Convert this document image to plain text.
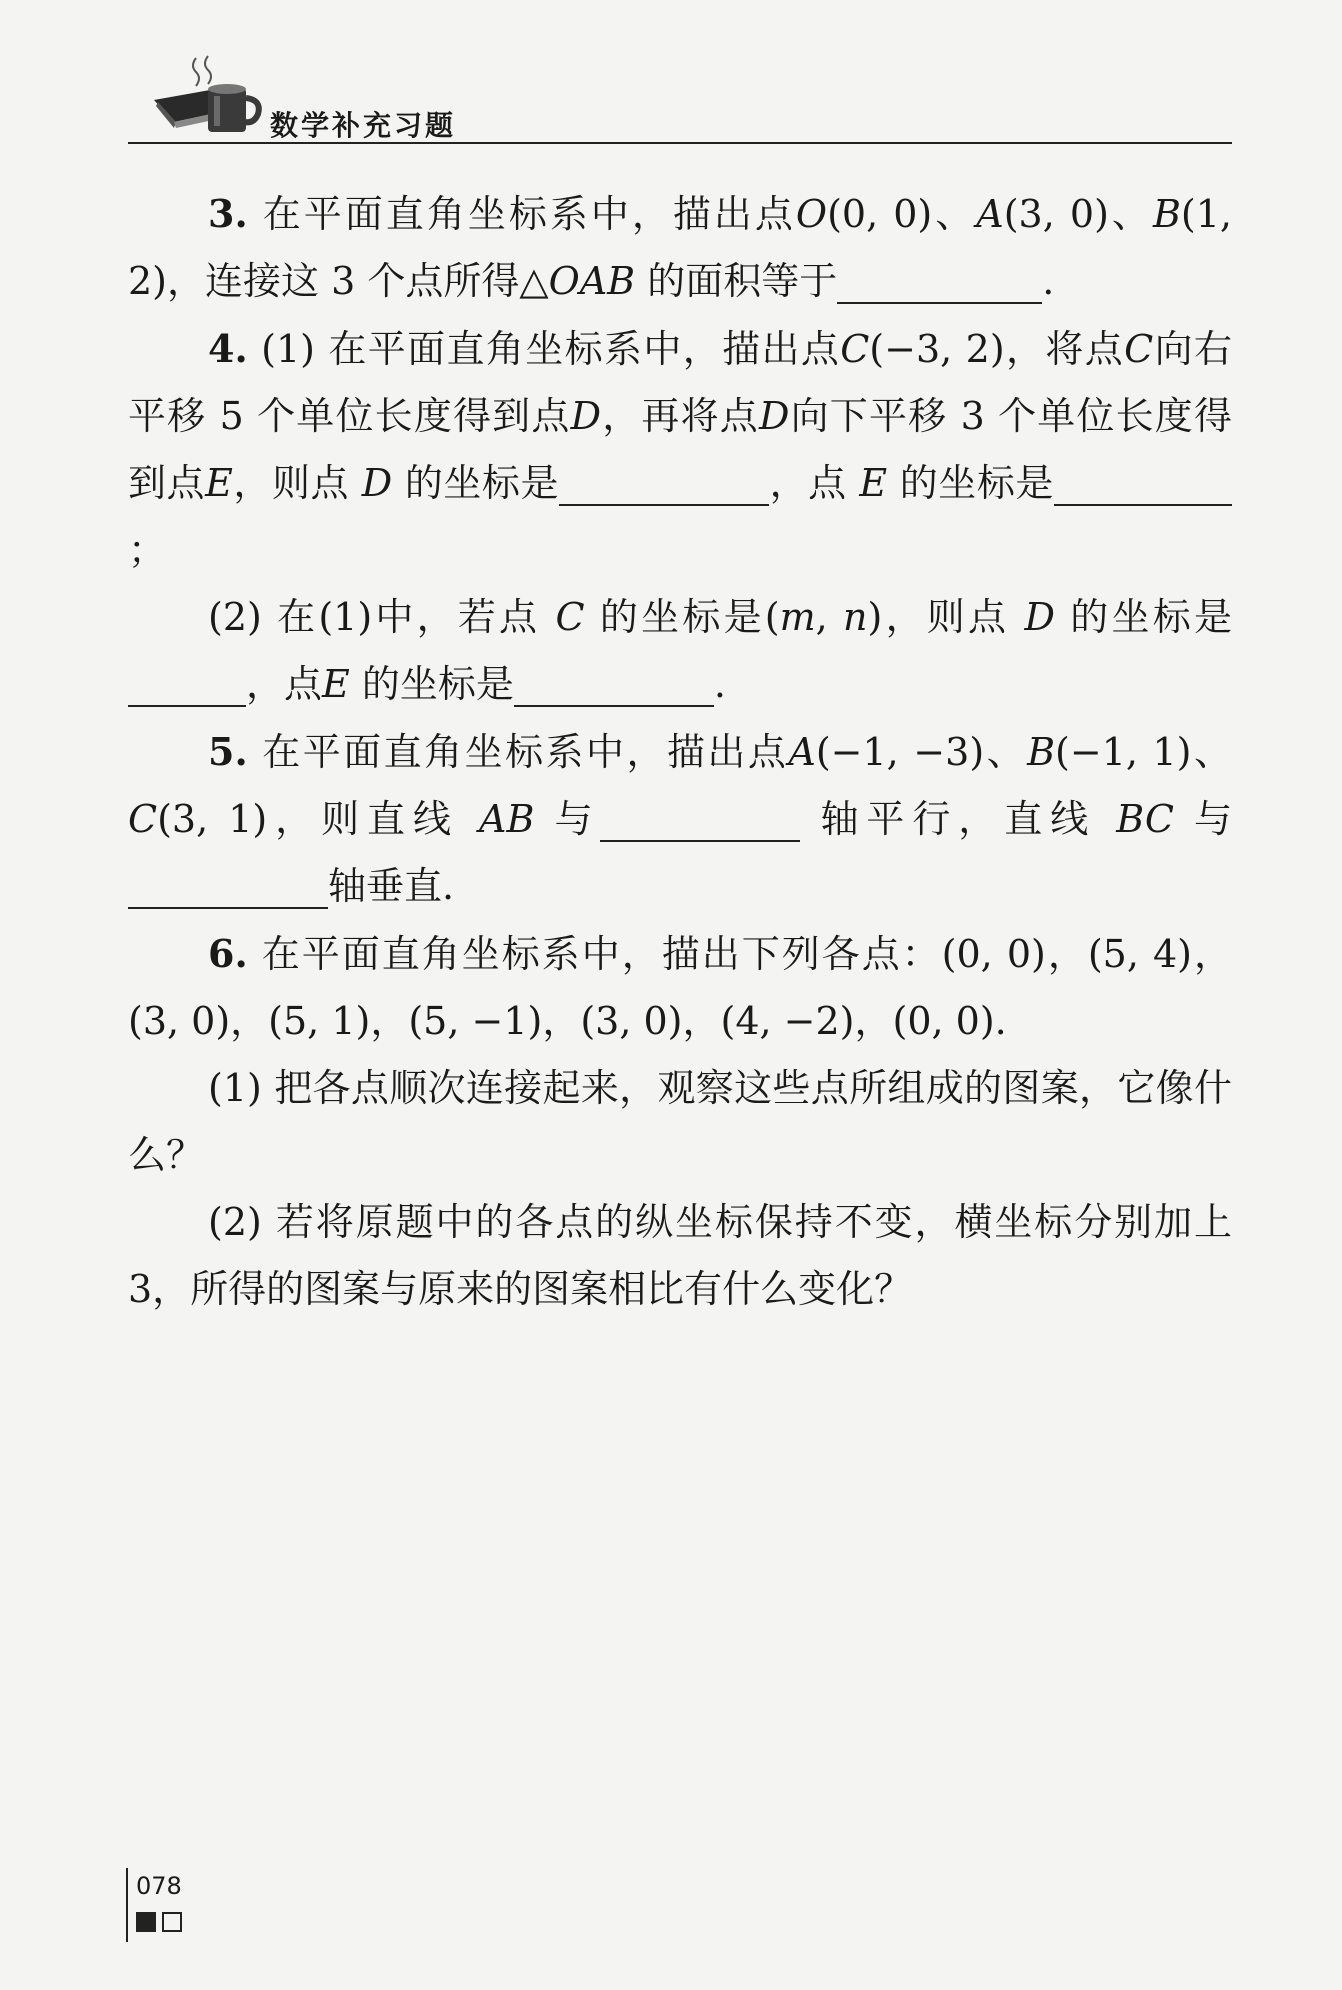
数学补充习题

3. 在平面直角坐标系中，描出点O(0, 0)、A(3, 0)、B(1, 2)，连接这 3 个点所得△OAB 的面积等于	.

4. (1) 在平面直角坐标系中，描出点C(−3, 2)，将点C向右平移 5 个单位长度得到点D，再将点D向下平移 3 个单位长度得到点E，则点 D 的坐标是	，点 E 的坐标是；

(2) 在(1)中，若点 C 的坐标是(m, n)，则点 D 的坐标是，点E 的坐标是	.

5. 在平面直角坐标系中，描出点A(−1, −3)、B(−1, 1)、C(3, 1)，则直线 AB 与	轴平行，直线 BC 与轴垂直.

6. 在平面直角坐标系中，描出下列各点：(0, 0)，(5, 4)，(3, 0)，(5, 1)，(5, −1)，(3, 0)，(4, −2)，(0, 0).

(1) 把各点顺次连接起来，观察这些点所组成的图案，它像什么？

(2) 若将原题中的各点的纵坐标保持不变，横坐标分别加上 3，所得的图案与原来的图案相比有什么变化？

078
